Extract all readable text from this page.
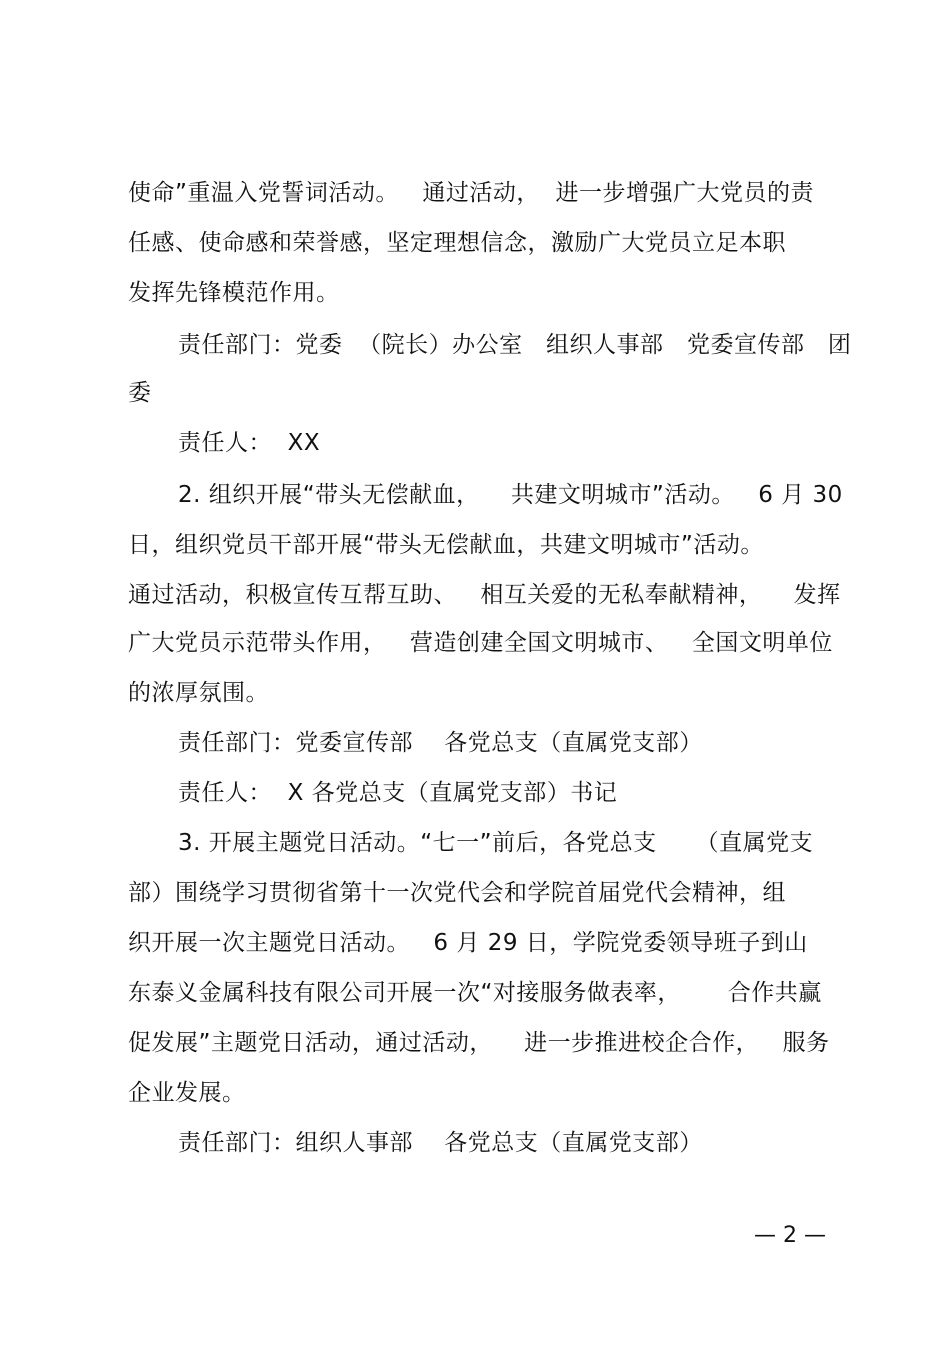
使命”重温入党誓词活动。   通过活动，  进一步增强广大党员的责
任感、使命感和荣誉感，坚定理想信念，激励广大党员立足本职
发挥先锋模范作用。
责任部门：党委  （院长）办公室   组织人事部   党委宣传部   团
委
责任人：  XX
2. 组织开展“带头无偿献血，    共建文明城市”活动。   6 月 30
日，组织党员干部开展“带头无偿献血，共建文明城市”活动。
通过活动，积极宣传互帮互助、   相互关爱的无私奉献精神，    发挥
广大党员示范带头作用，   营造创建全国文明城市、   全国文明单位
的浓厚氛围。
责任部门：党委宣传部    各党总支（直属党支部）
责任人：  X 各党总支（直属党支部）书记
3. 开展主题党日活动。“七一”前后，各党总支     （直属党支
部）围绕学习贯彻省第十一次党代会和学院首届党代会精神，组
织开展一次主题党日活动。   6 月 29 日，学院党委领导班子到山
东泰义金属科技有限公司开展一次“对接服务做表率，      合作共赢
促发展”主题党日活动，通过活动，    进一步推进校企合作，   服务
企业发展。
责任部门：组织人事部    各党总支（直属党支部）
— 2 —
